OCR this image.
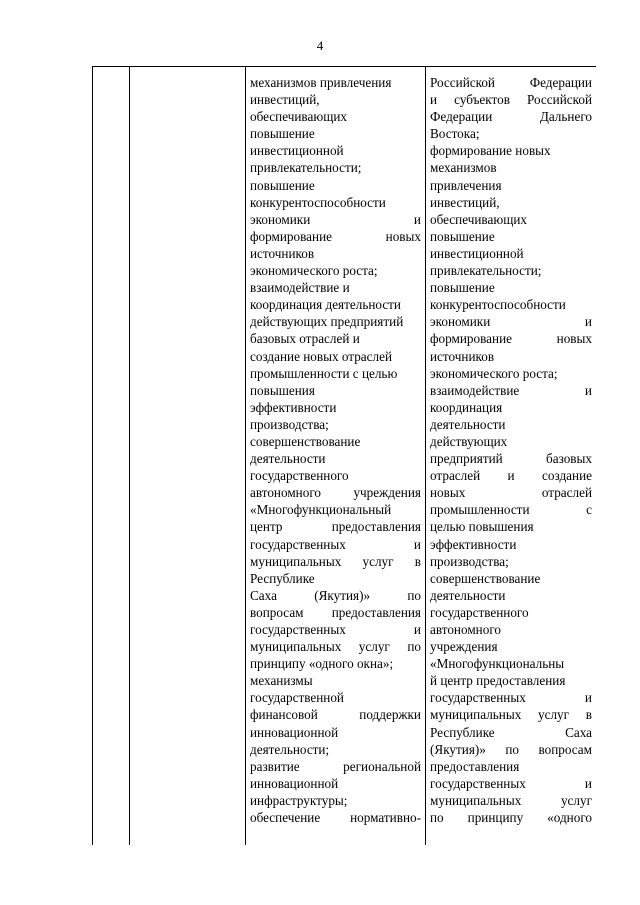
4
механизмов привлечения
инвестиций,
обеспечивающих
повышение
инвестиционной
привлекательности;
повышение
конкурентоспособности
экономики и
формирование новых
источников
экономического роста;
взаимодействие и
координация деятельности
действующих предприятий
базовых отраслей и
создание новых отраслей
промышленности с целью
повышения
эффективности
производства;
совершенствование
деятельности
государственного
автономного учреждения
«Многофункциональный
центр предоставления
государственных и
муниципальных услуг в
Республике
Саха (Якутия)» по
вопросам предоставления
государственных и
муниципальных услуг по
принципу «одного окна»;
механизмы
государственной
финансовой поддержки
инновационной
деятельности;
развитие региональной
инновационной
инфраструктуры;
обеспечение нормативно-
Российской Федерации
и субъектов Российской
Федерации Дальнего
Востока;
формирование новых
механизмов
привлечения
инвестиций,
обеспечивающих
повышение
инвестиционной
привлекательности;
повышение
конкурентоспособности
экономики и
формирование новых
источников
экономического роста;
взаимодействие и
координация
деятельности
действующих
предприятий базовых
отраслей и создание
новых отраслей
промышленности с
целью повышения
эффективности
производства;
совершенствование
деятельности
государственного
автономного
учреждения
«Многофункциональны
й центр предоставления
государственных и
муниципальных услуг в
Республике Саха
(Якутия)» по вопросам
предоставления
государственных и
муниципальных услуг
по принципу «одного
